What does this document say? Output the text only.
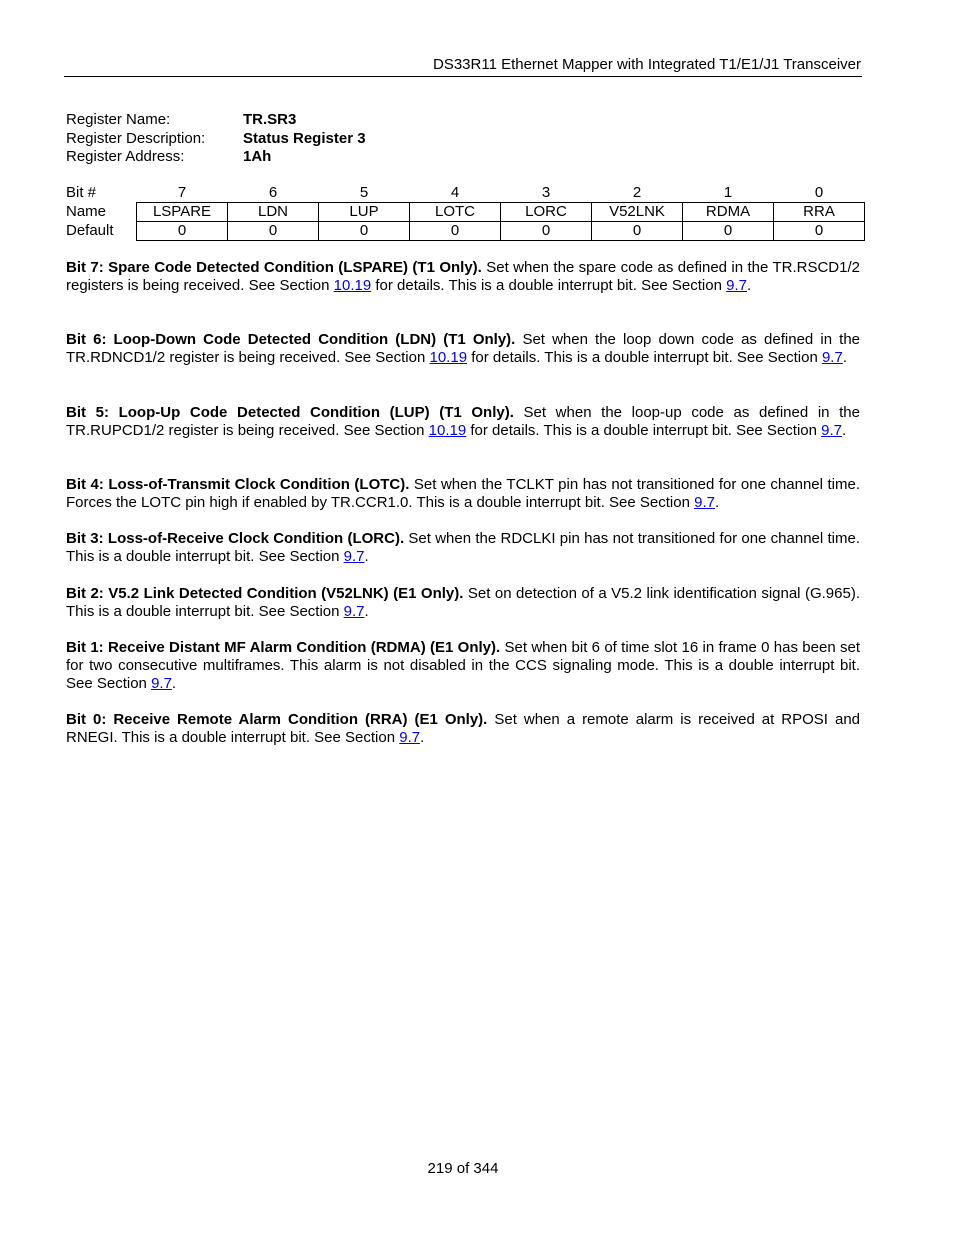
DS33R11 Ethernet Mapper with Integrated T1/E1/J1 Transceiver
Register Name:	TR.SR3
Register Description:	Status Register 3
Register Address:	1Ah
Bit #	7	6	5	4	3	2	1	0
Name	LSPARE	LDN	LUP	LOTC	LORC	V52LNK	RDMA	RRA
Default	0	0	0	0	0	0	0	0

Bit 7: Spare Code Detected Condition (LSPARE) (T1 Only). Set when the spare code as defined in the TR.RSCD1/2 registers is being received. See Section 10.19 for details. This is a double interrupt bit. See Section 9.7.

Bit 6: Loop-Down Code Detected Condition (LDN) (T1 Only). Set when the loop down code as defined in the TR.RDNCD1/2 register is being received. See Section 10.19 for details. This is a double interrupt bit. See Section 9.7.

Bit 5: Loop-Up Code Detected Condition (LUP) (T1 Only). Set when the loop-up code as defined in the TR.RUPCD1/2 register is being received. See Section 10.19 for details. This is a double interrupt bit. See Section 9.7.

Bit 4: Loss-of-Transmit Clock Condition (LOTC). Set when the TCLKT pin has not transitioned for one channel time. Forces the LOTC pin high if enabled by TR.CCR1.0. This is a double interrupt bit. See Section 9.7.

Bit 3: Loss-of-Receive Clock Condition (LORC). Set when the RDCLKI pin has not transitioned for one channel time. This is a double interrupt bit. See Section 9.7.

Bit 2: V5.2 Link Detected Condition (V52LNK) (E1 Only). Set on detection of a V5.2 link identification signal (G.965). This is a double interrupt bit. See Section 9.7.

Bit 1: Receive Distant MF Alarm Condition (RDMA) (E1 Only). Set when bit 6 of time slot 16 in frame 0 has been set for two consecutive multiframes. This alarm is not disabled in the CCS signaling mode. This is a double interrupt bit. See Section 9.7.

Bit 0: Receive Remote Alarm Condition (RRA) (E1 Only). Set when a remote alarm is received at RPOSI and RNEGI. This is a double interrupt bit. See Section 9.7.

219 of 344
